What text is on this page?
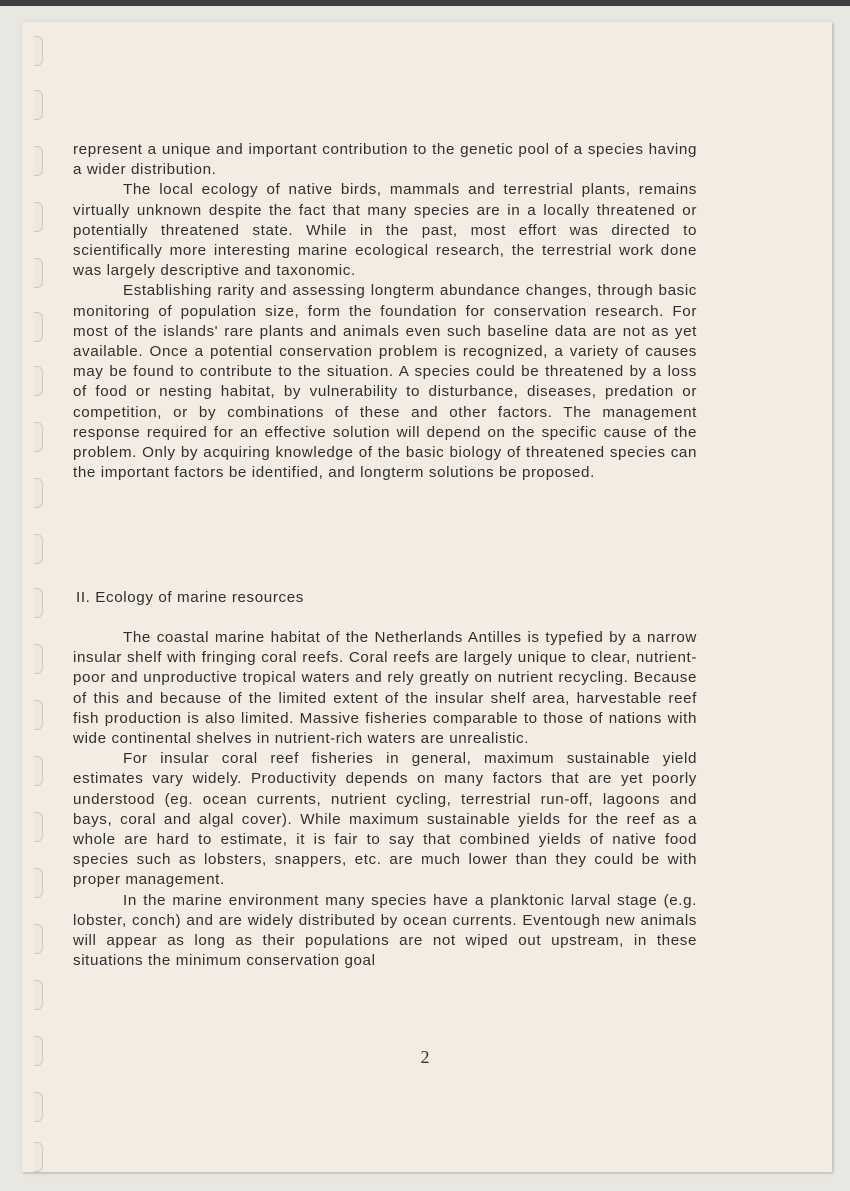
represent a unique and important contribution to the genetic pool of a species having a wider distribution.

The local ecology of native birds, mammals and terrestrial plants, remains virtually unknown despite the fact that many species are in a locally threatened or potentially threatened state. While in the past, most effort was directed to scientifically more interesting marine ecological research, the terrestrial work done was largely descriptive and taxonomic.

Establishing rarity and assessing longterm abundance changes, through basic monitoring of population size, form the foundation for conservation research. For most of the islands' rare plants and animals even such baseline data are not as yet available. Once a potential conservation problem is recognized, a variety of causes may be found to contribute to the situation. A species could be threatened by a loss of food or nesting habitat, by vulnerability to disturbance, diseases, predation or competition, or by combinations of these and other factors. The management response required for an effective solution will depend on the specific cause of the problem. Only by acquiring knowledge of the basic biology of threatened species can the important factors be identified, and longterm solutions be proposed.

II. Ecology of marine resources

The coastal marine habitat of the Netherlands Antilles is typefied by a narrow insular shelf with fringing coral reefs. Coral reefs are largely unique to clear, nutrient-poor and unproductive tropical waters and rely greatly on nutrient recycling. Because of this and because of the limited extent of the insular shelf area, harvestable reef fish production is also limited. Massive fisheries comparable to those of nations with wide continental shelves in nutrient-rich waters are unrealistic.

For insular coral reef fisheries in general, maximum sustainable yield estimates vary widely. Productivity depends on many factors that are yet poorly understood (eg. ocean currents, nutrient cycling, terrestrial run-off, lagoons and bays, coral and algal cover). While maximum sustainable yields for the reef as a whole are hard to estimate, it is fair to say that combined yields of native food species such as lobsters, snappers, etc. are much lower than they could be with proper management.

In the marine environment many species have a planktonic larval stage (e.g. lobster, conch) and are widely distributed by ocean currents. Eventough new animals will appear as long as their populations are not wiped out upstream, in these situations the minimum conservation goal

2
